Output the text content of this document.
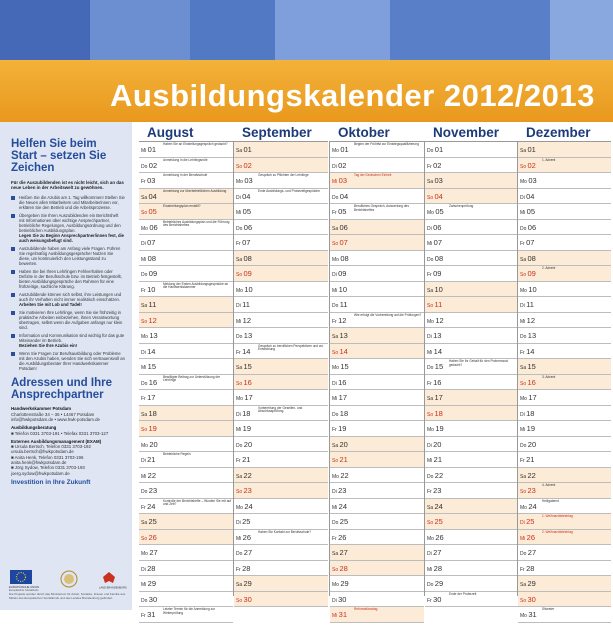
Ausbildungskalender 2012/2013
Helfen Sie beim Start – setzen Sie Zeichen
Für die Auszubildenden ist es nicht leicht, sich an das neue Leben in der Arbeitswelt zu gewöhnen.
Heißen Sie die Azubis am 1. Tag willkommen! Stellen Sie die Neuen allen Mitarbeitern und Mitarbeiterinnen vor, erklären Sie den Betrieb und die Arbeitsprozesse.
Übergeben Sie Ihren Auszubildenden ein Berichtsheft mit Informationen über wichtige Ansprechpartner, betriebliche Regelungen, Ausbildungsordnung und den betrieblichen Ausbildungsplan.
Legen Sie zu Beginn Ansprechpartner/innen fest, die auch weisungsbefugt sind.
Auszubildende haben am Anfang viele Fragen. Führen Sie regelmäßig Ausbildungsgespräche! Nutzen Sie diese, um kontinuierlich den Leistungsstand zu bewerten.
Haben Sie bei Ihren Lehrlingen Fehlverhalten oder Defizite in der Berufsschule bzw. im Betrieb festgestellt, bieten Ausbildungsgespräche den Rahmen für eine frühzeitige, sachliche Klärung.
Auszubildende können sich selbst, ihre Leistungen und auch ihr Verhalten nicht immer realistisch einschätzen.
Arbeiten Sie mit Lob und Tadel!
Sie motivieren Ihre Lehrlinge, wenn Sie sie frühzeitig in praktische Arbeiten einbeziehen, ihnen Verantwortung übertragen, selbst wenn die Aufgaben anfangs nur klein sind.
Information und Kommunikation sind wichtig für das gute Miteinander im Betrieb.
Beziehen Sie Ihre Azubis ein!
Wenn Sie Fragen zur Berufsausbildung oder Probleme mit den Azubis haben, wenden Sie sich vertrauensvoll an die Ausbildungsberater Ihrer Handwerkskammer Potsdam!
Adressen und Ihre Ansprechpartner
Handwerkskammer Potsdam
Charlottenstraße 34 – 36 • 14467 Potsdam
info@hwkpotsdam.de • www.hwk-potsdam.de
Ausbildungsberatung
■ Telefon 0331 3703-191 • Telefax 0331 3703-127
Externes Ausbildungsmanagement (EXAM)
■ Ursula Bertsch, Telefon 0331 3703-192
ursula.bertsch@hwkpotsdam.de
■ Anita Henk, Telefon 0331 3703-196
anita.henk@hwkpotsdam.de
■ Jörg Sydow, Telefon 0331 3703-193
joerg.sydow@hwkpotsdam.de
Investition in Ihre Zukunft
EUROPÄISCHE UNION
Europäischer Sozialfonds
LAND BRANDENBURG
Die Projekte werden durch das Ministerium für Arbeit, Soziales, Frauen und Familie aus Mitteln des Europäischen Sozialfonds und des Landes Brandenburg gefördert.
August
Mi 01
Haben Sie an Einstellungsgespräch gedacht?
Do 02
Anmeldung in die Lehrlingsrolle
Fr 03
Anmeldung in der Berufsschule
Sa 04
Anmeldung zur überbetrieblichen Ausbildung
So 05
Einarbeitungsplan erstellt?
Mo 06
Betriebliches Ausbildungsplan und die Führung des Berichtsheftes
Di 07
Mi 08
Do 09
Fr 10
Meldung der Ersten Ausbildungsgespräche an die Handwerkskammer
Sa 11
So 12
Mo 13
Di 14
Mi 15
Do 16
Bewilligter Beitrag zur Unterstützung der Lehrlinge
Fr 17
Sa 18
So 19
Mo 20
Di 21
Betriebliche Regeln
Mi 22
Do 23
Fr 24
Kontrolle der Berichtshefte – Wurden Sie mit auf und Zeit?
Sa 25
So 26
Mo 27
Di 28
Mi 29
Do 30
Fr 31
Letzter Termin für die Anmeldung zur Winterprüfung
September
Sa 01
So 02
Mo 03
Gespräch zu Pflichten der Lehrlinge
Di 04
Erste Ausbildungs- und Probezeitgespräche
Mi 05
Do 06
Fr 07
Sa 08
So 09
Mo 10
Di 11
Mi 12
Do 13
Fr 14
Gespräch zu beruflichen Perspektiven und zur Entwicklung
Sa 15
So 16
Mo 17
Di 18
Vorbereitung der Gesellen- und Abschlussprüfung
Mi 19
Do 20
Fr 21
Sa 22
So 23
Mo 24
Di 25
Mi 26
Haben Sie Kontakt zur Berufsschule?
Do 27
Fr 28
Sa 29
So 30
Oktober
Mo 01
Beginn der Frühlfst zur Einstiegsqualifizierung
Di 02
Mi 03
Tag der Deutschen Einheit
Do 04
Fr 05
Berufliches Gespräch, Auswertung des Berichtsheftes
Sa 06
So 07
Mo 08
Di 09
Mi 10
Do 11
Fr 12
Wie erfolgt die Vorbereitung auf die Prüfungen?
Sa 13
So 14
Mo 15
Di 16
Mi 17
Do 18
Fr 19
Sa 20
So 21
Mo 22
Di 23
Mi 24
Do 25
Fr 26
Sa 27
So 28
Mo 29
Di 30
Mi 31
Reformationstag
November
Do 01
Fr 02
Sa 03
So 04
Mo 05
Zwischenprüfung
Di 06
Mi 07
Do 08
Fr 09
Sa 10
So 11
Mo 12
Di 13
Mi 14
Do 15
Haben Sie Ihr Gehalt für den Probemonat gedacht?
Fr 16
Sa 17
So 18
Mo 19
Di 20
Mi 21
Do 22
Fr 23
Sa 24
So 25
Mo 26
Di 27
Mi 28
Do 29
Fr 30
Ende der Probezeit
Dezember
Sa 01
So 02
1. Advent
Mo 03
Di 04
Mi 05
Do 06
Fr 07
Sa 08
So 09
2. Advent
Mo 10
Di 11
Mi 12
Do 13
Fr 14
Sa 15
So 16
3. Advent
Mo 17
Di 18
Mi 19
Do 20
Fr 21
Sa 22
So 23
4. Advent
Mo 24
Heiligabend
Di 25
1. Weihnachtsfeiertag
Mi 26
2. Weihnachtsfeiertag
Do 27
Fr 28
Sa 29
So 30
Mo 31
Silvester
